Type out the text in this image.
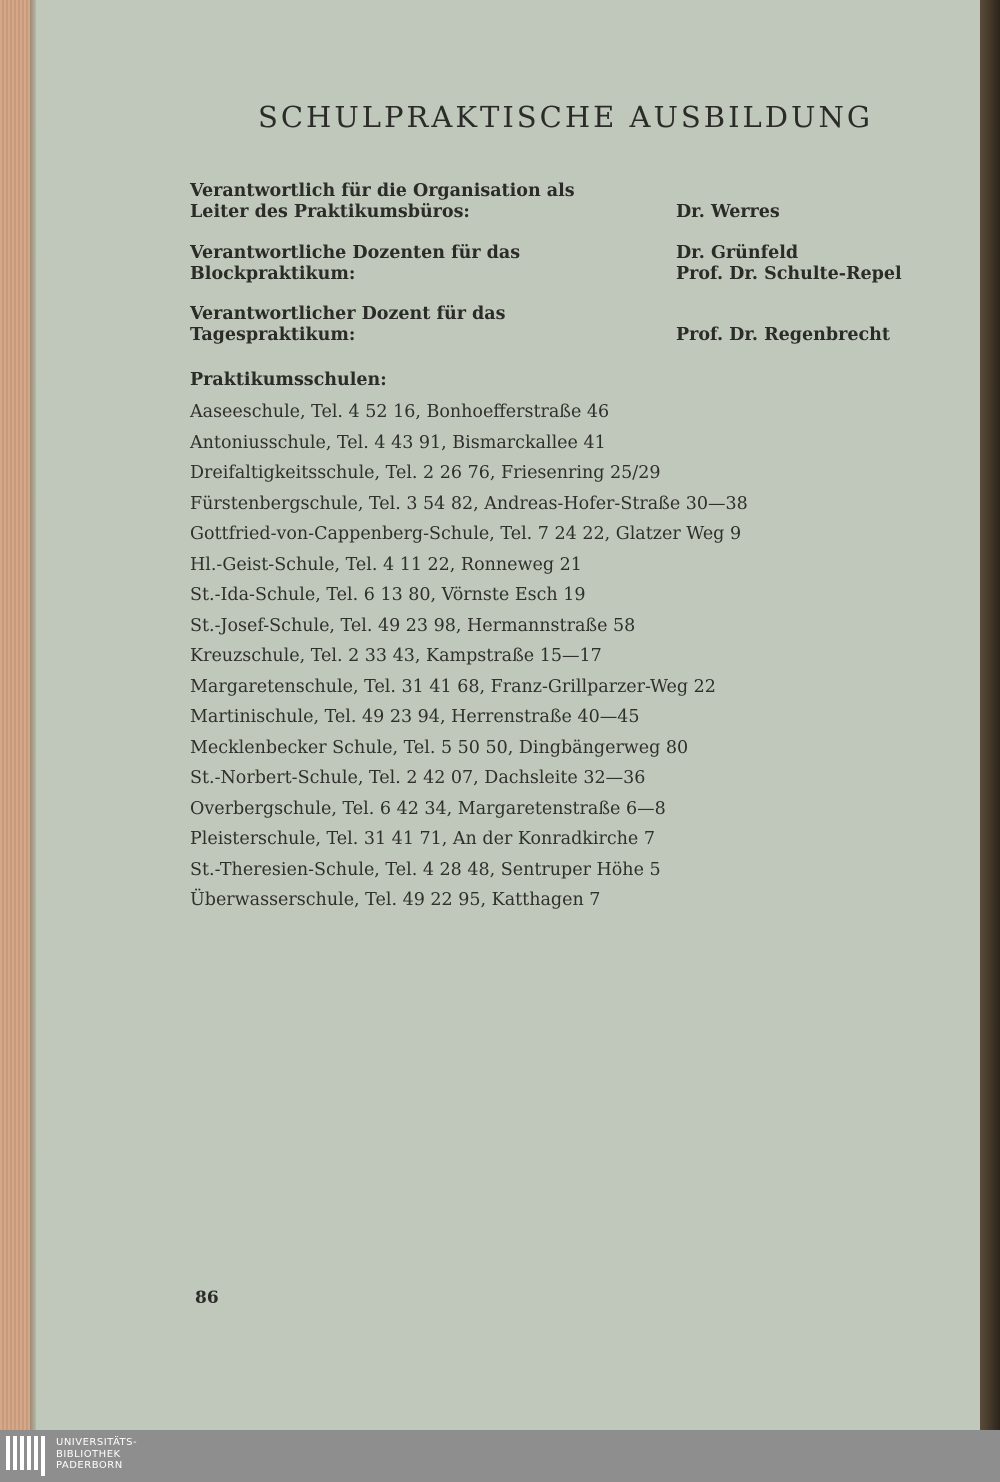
SCHULPRAKTISCHE AUSBILDUNG
Verantwortlich für die Organisation als
Leiter des Praktikumsbüros:	Dr. Werres
Verantwortliche Dozenten für das
Blockpraktikum:
Dr. Grünfeld
Prof. Dr. Schulte-Repel
Verantwortlicher Dozent für das
Tagespraktikum:	Prof. Dr. Regenbrecht
Praktikumsschulen:
Aaseeschule, Tel. 4 52 16, Bonhoefferstraße 46
Antoniusschule, Tel. 4 43 91, Bismarckallee 41
Dreifaltigkeitsschule, Tel. 2 26 76, Friesenring 25/29
Fürstenbergschule, Tel. 3 54 82, Andreas-Hofer-Straße 30—38
Gottfried-von-Cappenberg-Schule, Tel. 7 24 22, Glatzer Weg 9
Hl.-Geist-Schule, Tel. 4 11 22, Ronneweg 21
St.-Ida-Schule, Tel. 6 13 80, Vörnste Esch 19
St.-Josef-Schule, Tel. 49 23 98, Hermannstraße 58
Kreuzschule, Tel. 2 33 43, Kampstraße 15—17
Margaretenschule, Tel. 31 41 68, Franz-Grillparzer-Weg 22
Martinischule, Tel. 49 23 94, Herrenstraße 40—45
Mecklenbecker Schule, Tel. 5 50 50, Dingbängerweg 80
St.-Norbert-Schule, Tel. 2 42 07, Dachsleite 32—36
Overbergschule, Tel. 6 42 34, Margaretenstraße 6—8
Pleisterschule, Tel. 31 41 71, An der Konradkirche 7
St.-Theresien-Schule, Tel. 4 28 48, Sentruper Höhe 5
Überwasserschule, Tel. 49 22 95, Katthagen 7
86
UNIVERSITÄTS-
BIBLIOTHEK
PADERBORN
